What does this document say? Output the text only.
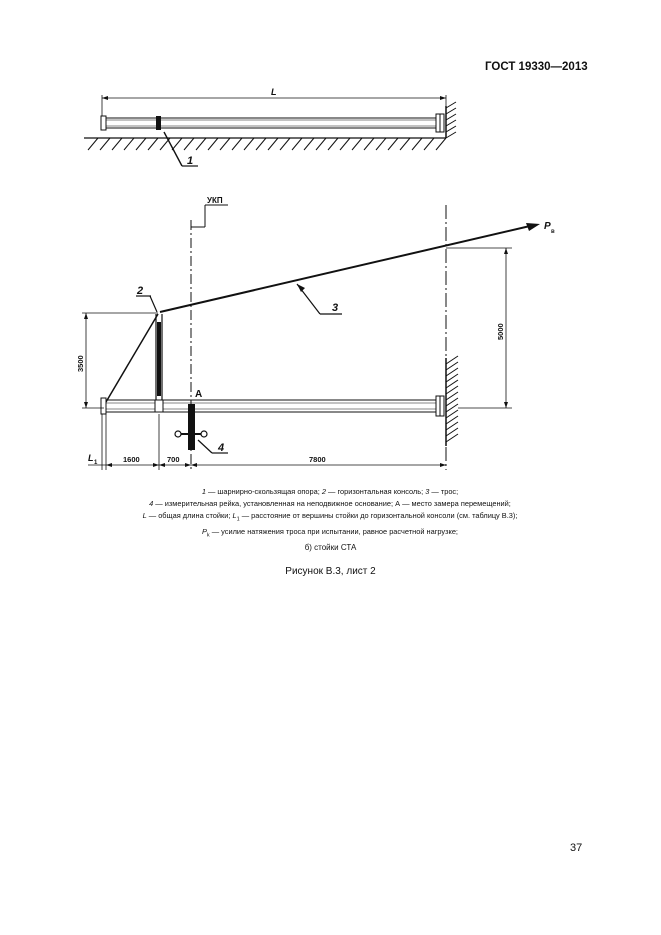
ГОСТ 19330—2013
L
1
УКП
P в
3
2
A
4
3500
5000
L 1	1600	700	7800
1 — шарнирно-скользящая опора; 2 — горизонтальная консоль; 3 — трос;
4 — измерительная рейка, установленная на неподвижное основание; А — место замера перемещений;
L — общая длина стойки; $L_1$ — расстояние от вершины стойки до горизонтальной консоли (см. таблицу В.3);
$P_k$ — усилие натяжения троса при испытании, равное расчетной нагрузке;
б) стойки СТА
Рисунок В.3, лист 2
37
